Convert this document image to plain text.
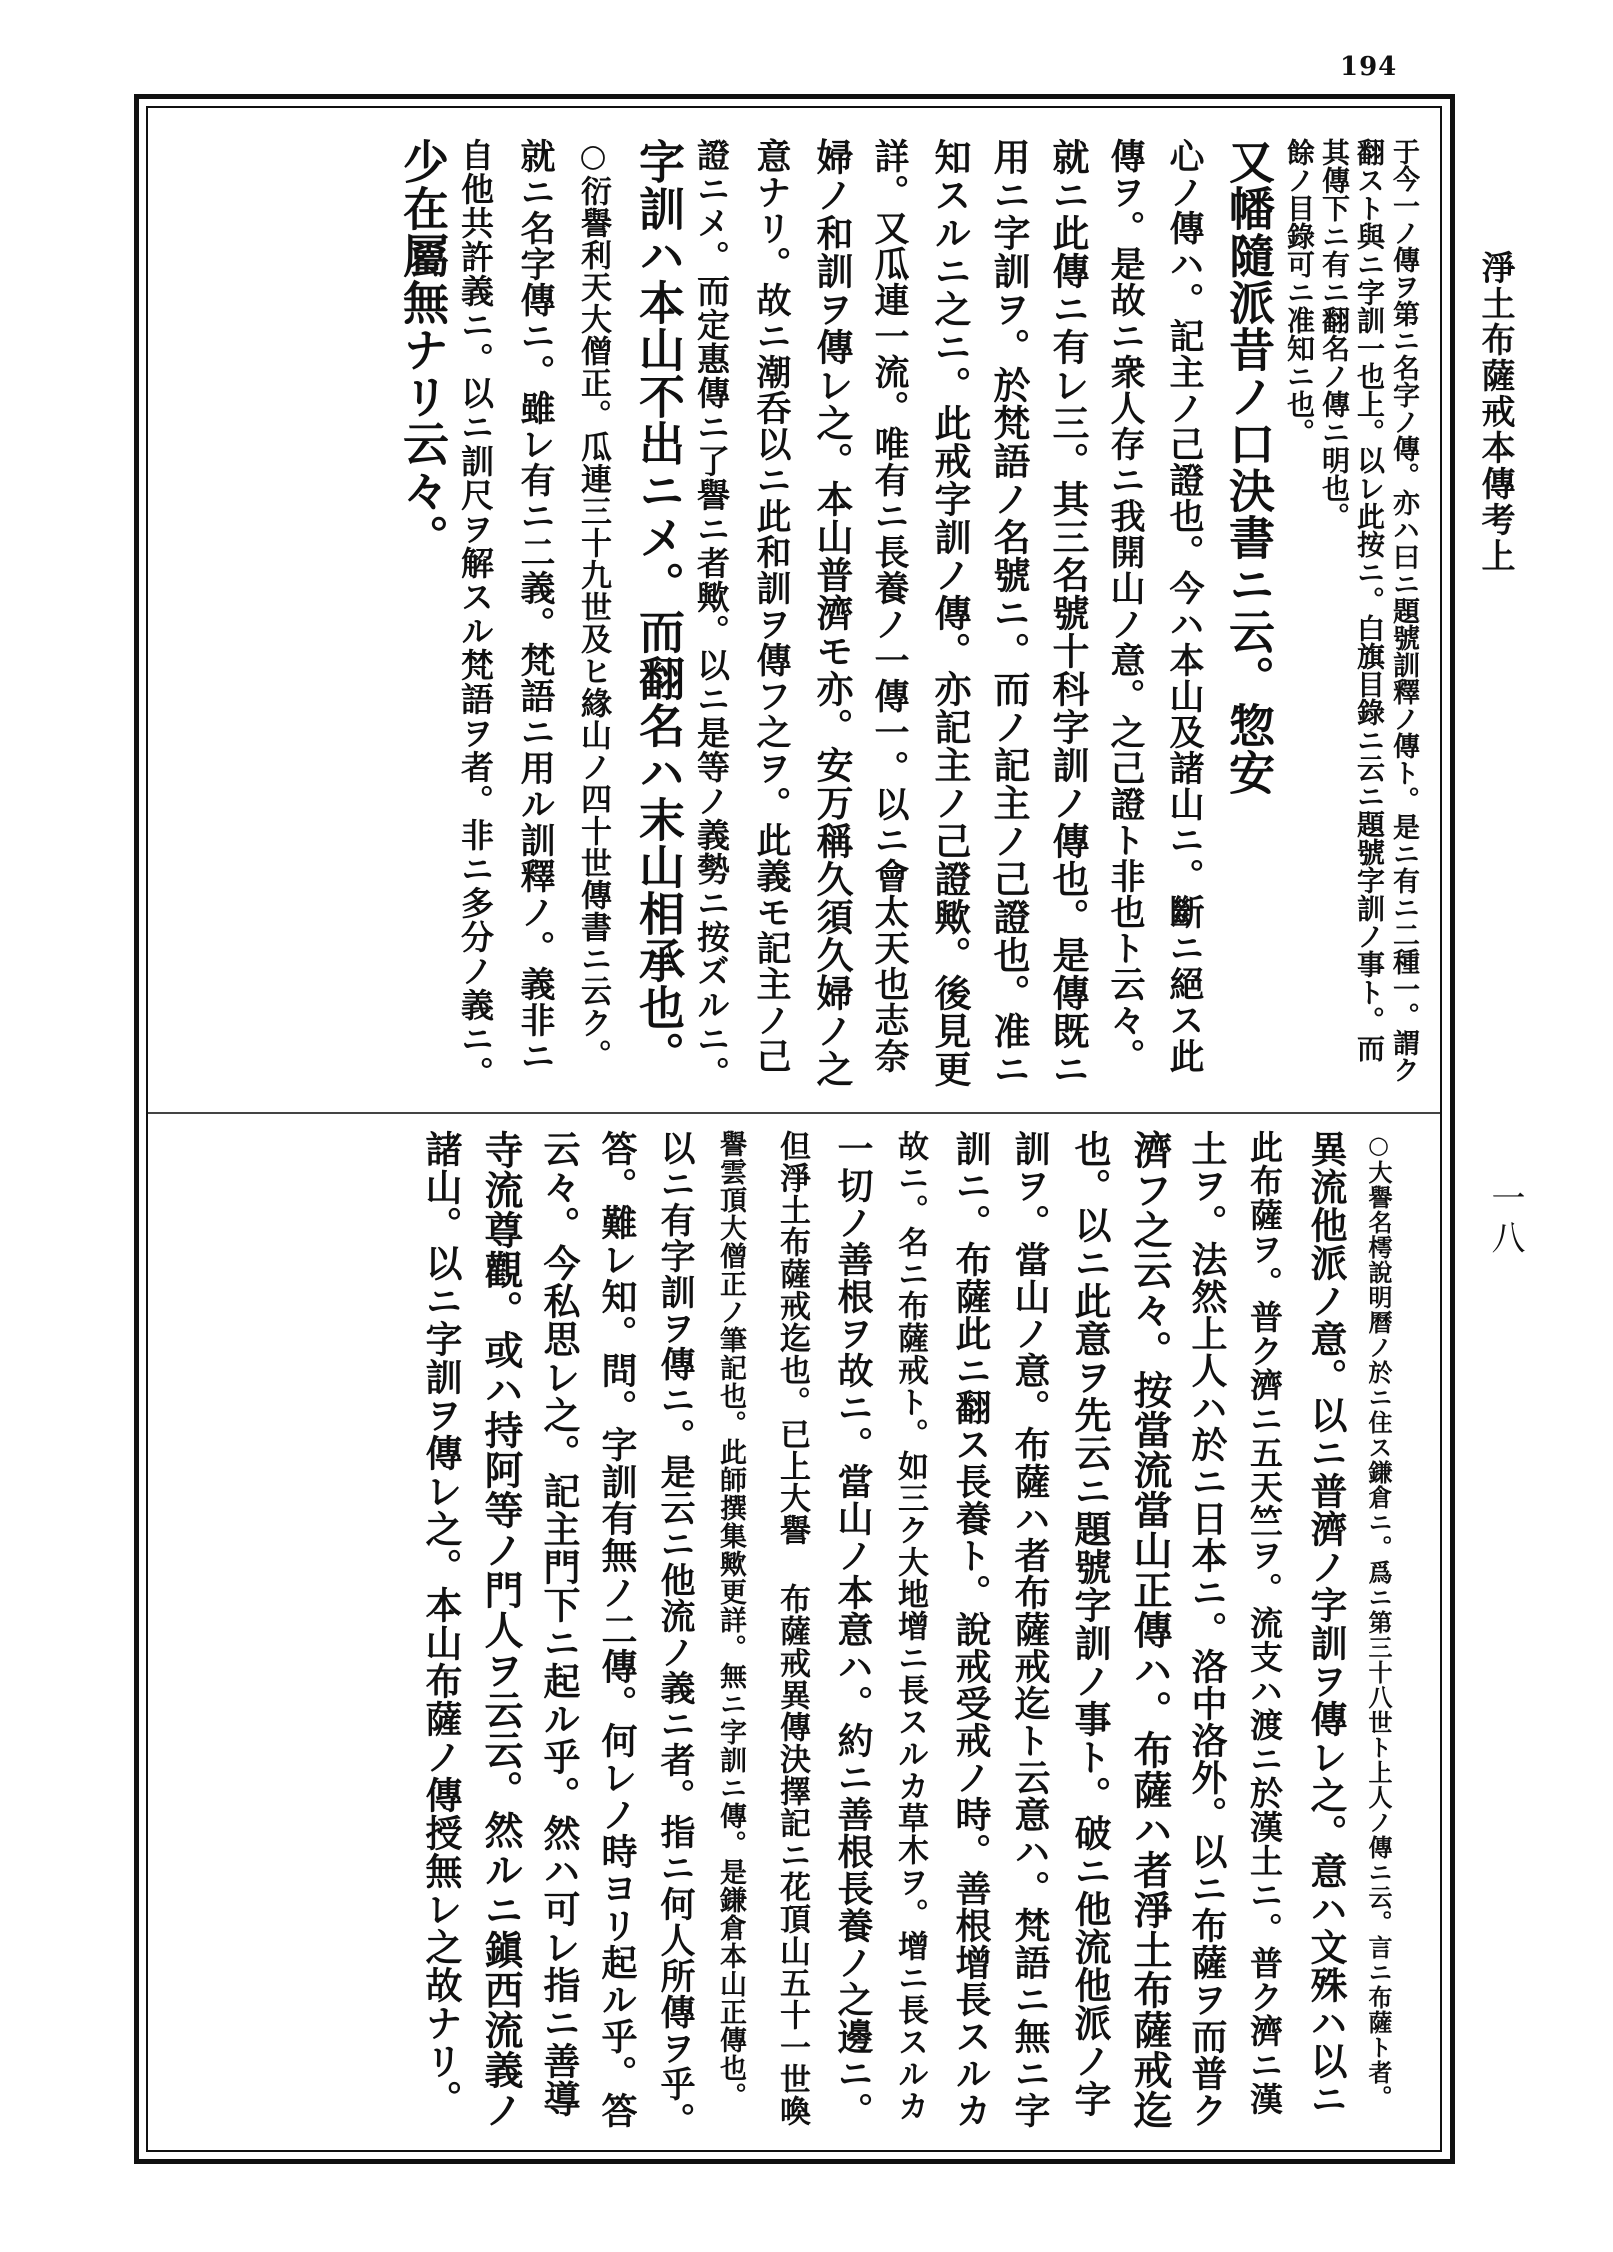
194
淨土布薩戒本傳考上
一八
于今一ノ傳ヲ第ニ名字ノ傳。亦ハ曰ニ題號訓釋ノ傳ト。是ニ有ニ二種一。謂ク
翻スト與ニ字訓一也上。以レ此按ニ。白旗目錄ニ云ニ題號字訓ノ事ト。而
其傳下ニ有ニ翻名ノ傳ニ明也。
餘ノ目錄可ニ准知ニ也。
又幡隨派昔ノ口決書ニ云。惣安
心ノ傳ハ。記主ノ己證也。今ハ本山及諸山ニ。斷ニ絕ス此
傳ヲ。是故ニ衆人存ニ我開山ノ意。之己證ト非也ト云々。
就ニ此傳ニ有レ三。其三名號十科字訓ノ傳也。是傳既ニ
用ニ字訓ヲ。於梵語ノ名號ニ。而ノ記主ノ己證也。准ニ
知スルニ之ニ。此戒字訓ノ傳。亦記主ノ己證歟。後見更
詳。又瓜連一流。唯有ニ長養ノ一傳一。以ニ會太天也志奈
婦ノ和訓ヲ傳レ之。本山普濟モ亦。安万稱久須久婦ノ之
意ナリ。故ニ潮呑以ニ此和訓ヲ傳フ之ヲ。此義モ記主ノ己
證ニメ。而定惠傳ニ了譽ニ者歟。以ニ是等ノ義勢ニ按ズルニ。
字訓ハ本山不出ニメ。而翻名ハ末山相承也。
○衍譽利天大僧正。瓜連三十九世及ヒ緣山ノ四十世傳書ニ云ク。
就ニ名字傳ニ。雖レ有ニ二義。梵語ニ用ル訓釋ノ。義非ニ
自他共許義ニ。以ニ訓尺ヲ解スル梵語ヲ者。非ニ多分ノ義ニ。
少在屬無ナリ云々。
○大譽名樗說明曆ノ於ニ住ス鎌倉ニ。爲ニ第三十八世ト上人ノ傳ニ云。言ニ布薩ト者。
異流他派ノ意。以ニ普濟ノ字訓ヲ傳レ之。意ハ文殊ハ以ニ
此布薩ヲ。普ク濟ニ五天竺ヲ。流支ハ渡ニ於漢土ニ。普ク濟ニ漢
土ヲ。法然上人ハ於ニ日本ニ。洛中洛外。以ニ布薩ヲ而普ク
濟フ之云々。按當流當山正傳ハ。布薩ハ者淨土布薩戒迄
也。以ニ此意ヲ先云ニ題號字訓ノ事ト。破ニ他流他派ノ字
訓ヲ。當山ノ意。布薩ハ者布薩戒迄ト云意ハ。梵語ニ無ニ字
訓ニ。布薩此ニ翻ス長養ト。說戒受戒ノ時。善根增長スルカ
故ニ。名ニ布薩戒ト。如三ク大地增ニ長スルカ草木ヲ。增ニ長スルカ
一切ノ善根ヲ故ニ。當山ノ本意ハ。約ニ善根長養ノ之邊ニ。
但淨土布薩戒迄也。已上大譽 布薩戒異傳決擇記ニ花頂山五十一世喚
譽雲頂大僧正ノ筆記也。此師撰集歟更詳。無ニ字訓ニ傳。是鎌倉本山正傳也。
以ニ有字訓ヲ傳ニ。是云ニ他流ノ義ニ者。指ニ何人所傳ヲ乎。
答。難レ知。問。字訓有無ノ二傳。何レノ時ヨリ起ル乎。答
云々。今私思レ之。記主門下ニ起ル乎。然ハ可レ指ニ善導
寺流尊觀。或ハ持阿等ノ門人ヲ云云。然ルニ鎭西流義ノ
諸山。以ニ字訓ヲ傳レ之。本山布薩ノ傳授無レ之故ナリ。
